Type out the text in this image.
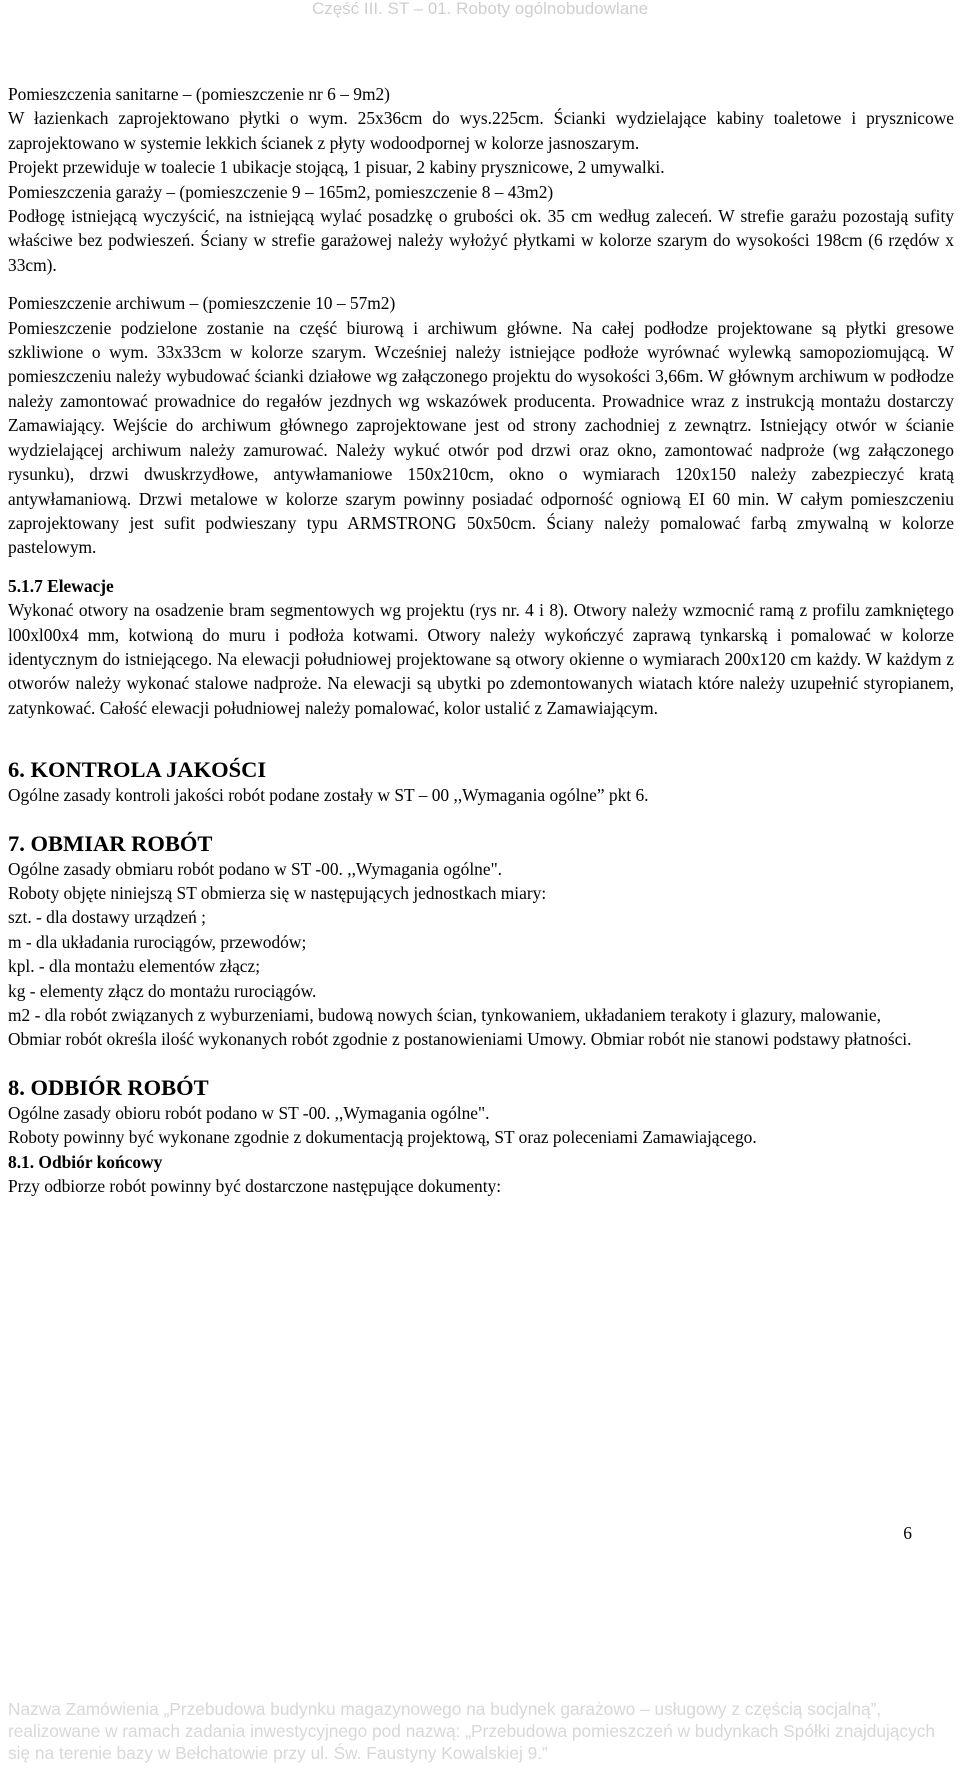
Część III. ST – 01. Roboty ogólnobudowlane

Pomieszczenia sanitarne – (pomieszczenie nr 6 – 9m2)

W łazienkach zaprojektowano płytki o wym. 25x36cm do wys.225cm. Ścianki wydzielające kabiny toaletowe i prysznicowe zaprojektowano w systemie lekkich ścianek z płyty wodoodpornej w kolorze jasnoszarym.

Projekt przewiduje w toalecie 1 ubikacje stojącą, 1 pisuar, 2 kabiny prysznicowe, 2 umywalki.

Pomieszczenia garaży – (pomieszczenie 9 – 165m2, pomieszczenie 8 – 43m2)

Podłogę istniejącą wyczyścić, na istniejącą wylać posadzkę o grubości ok. 35 cm według zaleceń. W strefie garażu pozostają sufity właściwe bez podwieszeń. Ściany w strefie garażowej należy wyłożyć płytkami w kolorze szarym do wysokości 198cm (6 rzędów x 33cm).

Pomieszczenie archiwum – (pomieszczenie 10 – 57m2)

Pomieszczenie podzielone zostanie na część biurową i archiwum główne. Na całej podłodze projektowane są płytki gresowe szkliwione o wym. 33x33cm w kolorze szarym. Wcześniej należy istniejące podłoże wyrównać wylewką samopoziomującą. W pomieszczeniu należy wybudować ścianki działowe wg załączonego projektu do wysokości 3,66m. W głównym archiwum w podłodze należy zamontować prowadnice do regałów jezdnych wg wskazówek producenta. Prowadnice wraz z instrukcją montażu dostarczy Zamawiający. Wejście do archiwum głównego zaprojektowane jest od strony zachodniej z zewnątrz. Istniejący otwór w ścianie wydzielającej archiwum należy zamurować. Należy wykuć otwór pod drzwi oraz okno, zamontować nadproże (wg załączonego rysunku), drzwi dwuskrzydłowe, antywłamaniowe 150x210cm, okno o wymiarach 120x150 należy zabezpieczyć kratą antywłamaniową. Drzwi metalowe w kolorze szarym powinny posiadać odporność ogniową EI 60 min. W całym pomieszczeniu zaprojektowany jest sufit podwieszany typu ARMSTRONG 50x50cm. Ściany należy pomalować farbą zmywalną w kolorze pastelowym.

5.1.7 Elewacje

Wykonać otwory na osadzenie bram segmentowych wg projektu (rys nr. 4 i 8). Otwory należy wzmocnić ramą z profilu zamkniętego l00xl00x4 mm, kotwioną do muru i podłoża kotwami. Otwory należy wykończyć zaprawą tynkarską i pomalować w kolorze identycznym do istniejącego. Na elewacji południowej projektowane są otwory okienne o wymiarach 200x120 cm każdy. W każdym z otworów należy wykonać stalowe nadproże. Na elewacji są ubytki po zdemontowanych wiatach które należy uzupełnić styropianem, zatynkować. Całość elewacji południowej należy pomalować, kolor ustalić z Zamawiającym.

6. KONTROLA JAKOŚCI

Ogólne zasady kontroli jakości robót podane zostały w ST – 00 ,,Wymagania ogólne” pkt 6.

7. OBMIAR ROBÓT

Ogólne zasady obmiaru robót podano w ST -00. ,,Wymagania ogólne".

Roboty objęte niniejszą ST obmierza się w następujących jednostkach miary:

szt. - dla dostawy urządzeń ;

m - dla układania rurociągów, przewodów;

kpl. - dla montażu elementów złącz;

kg - elementy złącz do montażu rurociągów.

m2 - dla robót związanych z wyburzeniami, budową nowych ścian, tynkowaniem, układaniem terakoty i glazury, malowanie,

Obmiar robót określa ilość wykonanych robót zgodnie z postanowieniami Umowy. Obmiar robót nie stanowi podstawy płatności.

8. ODBIÓR ROBÓT

Ogólne zasady obioru robót podano w ST -00. ,,Wymagania ogólne".

Roboty powinny być wykonane zgodnie z dokumentacją projektową, ST oraz poleceniami Zamawiającego.

8.1. Odbiór końcowy

Przy odbiorze robót powinny być dostarczone następujące dokumenty:

6
Nazwa Zamówienia „Przebudowa budynku magazynowego na budynek garażowo – usługowy z częścią socjalną”, realizowane w ramach zadania inwestycyjnego pod nazwą: „Przebudowa pomieszczeń w budynkach Spółki znajdujących się na terenie bazy w Bełchatowie przy ul. Św. Faustyny Kowalskiej 9.”
